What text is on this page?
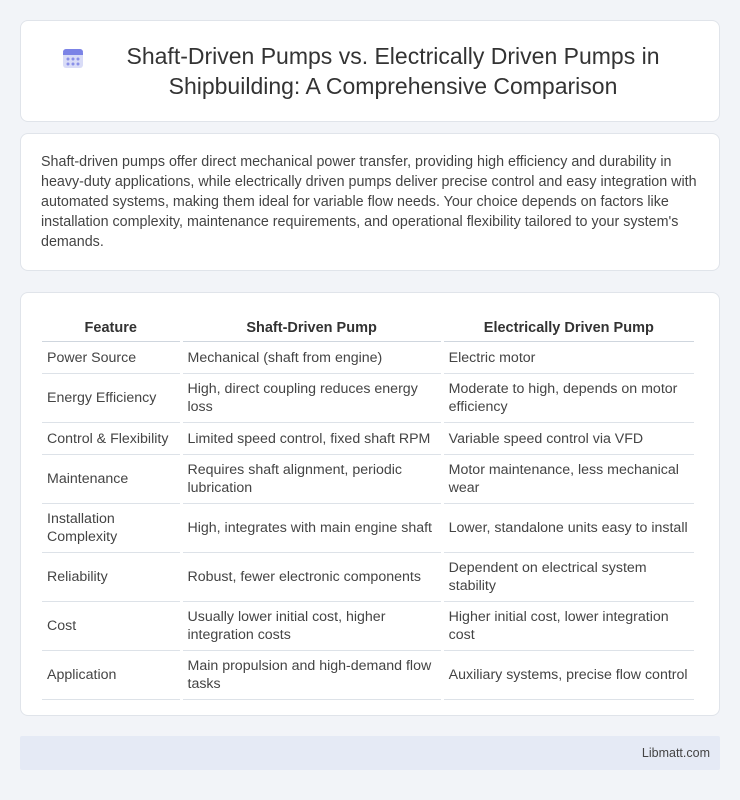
Shaft-Driven Pumps vs. Electrically Driven Pumps in Shipbuilding: A Comprehensive Comparison
Shaft-driven pumps offer direct mechanical power transfer, providing high efficiency and durability in heavy-duty applications, while electrically driven pumps deliver precise control and easy integration with automated systems, making them ideal for variable flow needs. Your choice depends on factors like installation complexity, maintenance requirements, and operational flexibility tailored to your system's demands.
Feature	Shaft-Driven Pump	Electrically Driven Pump
Power Source	Mechanical (shaft from engine)	Electric motor
Energy Efficiency	High, direct coupling reduces energy loss	Moderate to high, depends on motor efficiency
Control & Flexibility	Limited speed control, fixed shaft RPM	Variable speed control via VFD
Maintenance	Requires shaft alignment, periodic lubrication	Motor maintenance, less mechanical wear
Installation Complexity	High, integrates with main engine shaft	Lower, standalone units easy to install
Reliability	Robust, fewer electronic components	Dependent on electrical system stability
Cost	Usually lower initial cost, higher integration costs	Higher initial cost, lower integration cost
Application	Main propulsion and high-demand flow tasks	Auxiliary systems, precise flow control
Libmatt.com
